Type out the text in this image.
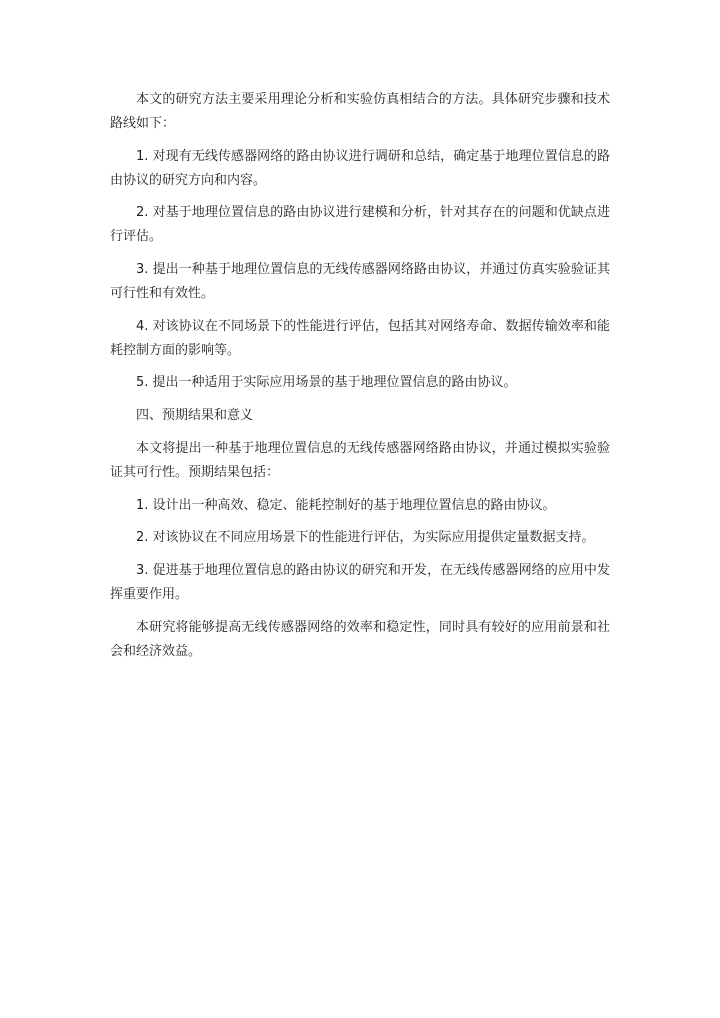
本文的研究方法主要采用理论分析和实验仿真相结合的方法。具体研究步骤和技术路线如下：

1. 对现有无线传感器网络的路由协议进行调研和总结，确定基于地理位置信息的路由协议的研究方向和内容。

2. 对基于地理位置信息的路由协议进行建模和分析，针对其存在的问题和优缺点进行评估。

3. 提出一种基于地理位置信息的无线传感器网络路由协议，并通过仿真实验验证其可行性和有效性。

4. 对该协议在不同场景下的性能进行评估，包括其对网络寿命、数据传输效率和能耗控制方面的影响等。

5. 提出一种适用于实际应用场景的基于地理位置信息的路由协议。

四、预期结果和意义

本文将提出一种基于地理位置信息的无线传感器网络路由协议，并通过模拟实验验证其可行性。预期结果包括：

1. 设计出一种高效、稳定、能耗控制好的基于地理位置信息的路由协议。

2. 对该协议在不同应用场景下的性能进行评估，为实际应用提供定量数据支持。

3. 促进基于地理位置信息的路由协议的研究和开发，在无线传感器网络的应用中发挥重要作用。

本研究将能够提高无线传感器网络的效率和稳定性，同时具有较好的应用前景和社会和经济效益。
